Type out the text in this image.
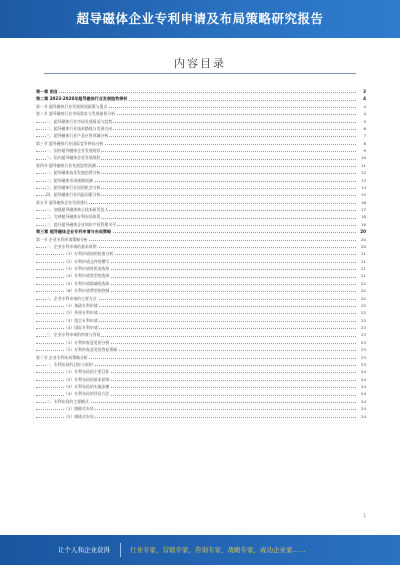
超导磁体企业专利申请及布局策略研究报告
内容目录
第一章 前言	3
第二章 2023-2028年超导磁体行业发展趋势探析	4
第一节 超导磁体行业发展规划政策与重点	4
第二节 超导磁体行业市场需求与发展前景分析	4
一、超导磁体行业市场发展情况与趋势	5
二、超导磁体行业技术路线与发展方向	6
三、超导磁体行业产品应用领域分析	7
第三节 超导磁体行业国际竞争格局分析	8
一、国外超导磁体企业发展现状	9
二、国内超导磁体企业发展现状	10
第四节 超导磁体行业发展趋势预测	11
一、超导磁体技术发展趋势分析	12
二、超导磁体市场规模预测	13
三、超导磁体行业投资机会分析	14
四、超导磁体行业风险因素分析	15
第五节 超导磁体企业发展建议	16
一、加强超导磁体核心技术研发投入	17
二、完善超导磁体专利布局体系	18
三、提升超导磁体企业知识产权管理水平	19
第三章 超导磁体企业专利申请与布局策略	20
第一节 企业专利申请策略分析	20
一、企业专利申请的基本原则	20
（1）专利申请前的检索分析	21
（2）专利申请文件的撰写	21
（3）专利申请时机的选择	21
（4）专利申请类型的选择	21
（5）专利申请地域的选择	22
（6）专利申请费用的控制	22
二、企业专利申请的主要方式	22
（1）基础专利申请	22
（2）外围专利申请	22
（3）组合专利申请	23
（4）国际专利申请	23
三、企业专利申请的审查与答复	23
（1）专利审查意见的分析	23
（2）专利审查意见的答复策略	23
第二节 企业专利布局策略分析	23
一、专利布局的目标与原则	23
（1）专利布局的主要目标	24
（2）专利布局的基本原则	24
（3）专利布局的实施步骤	24
（4）专利布局的评估方法	24
二、专利布局的主要模式	24
（1）路障式布局	24
（2）城墙式布局	24
1
让个人和企业获得	行业专家，营销专家，咨询专家，战略专家，成功企业家……
